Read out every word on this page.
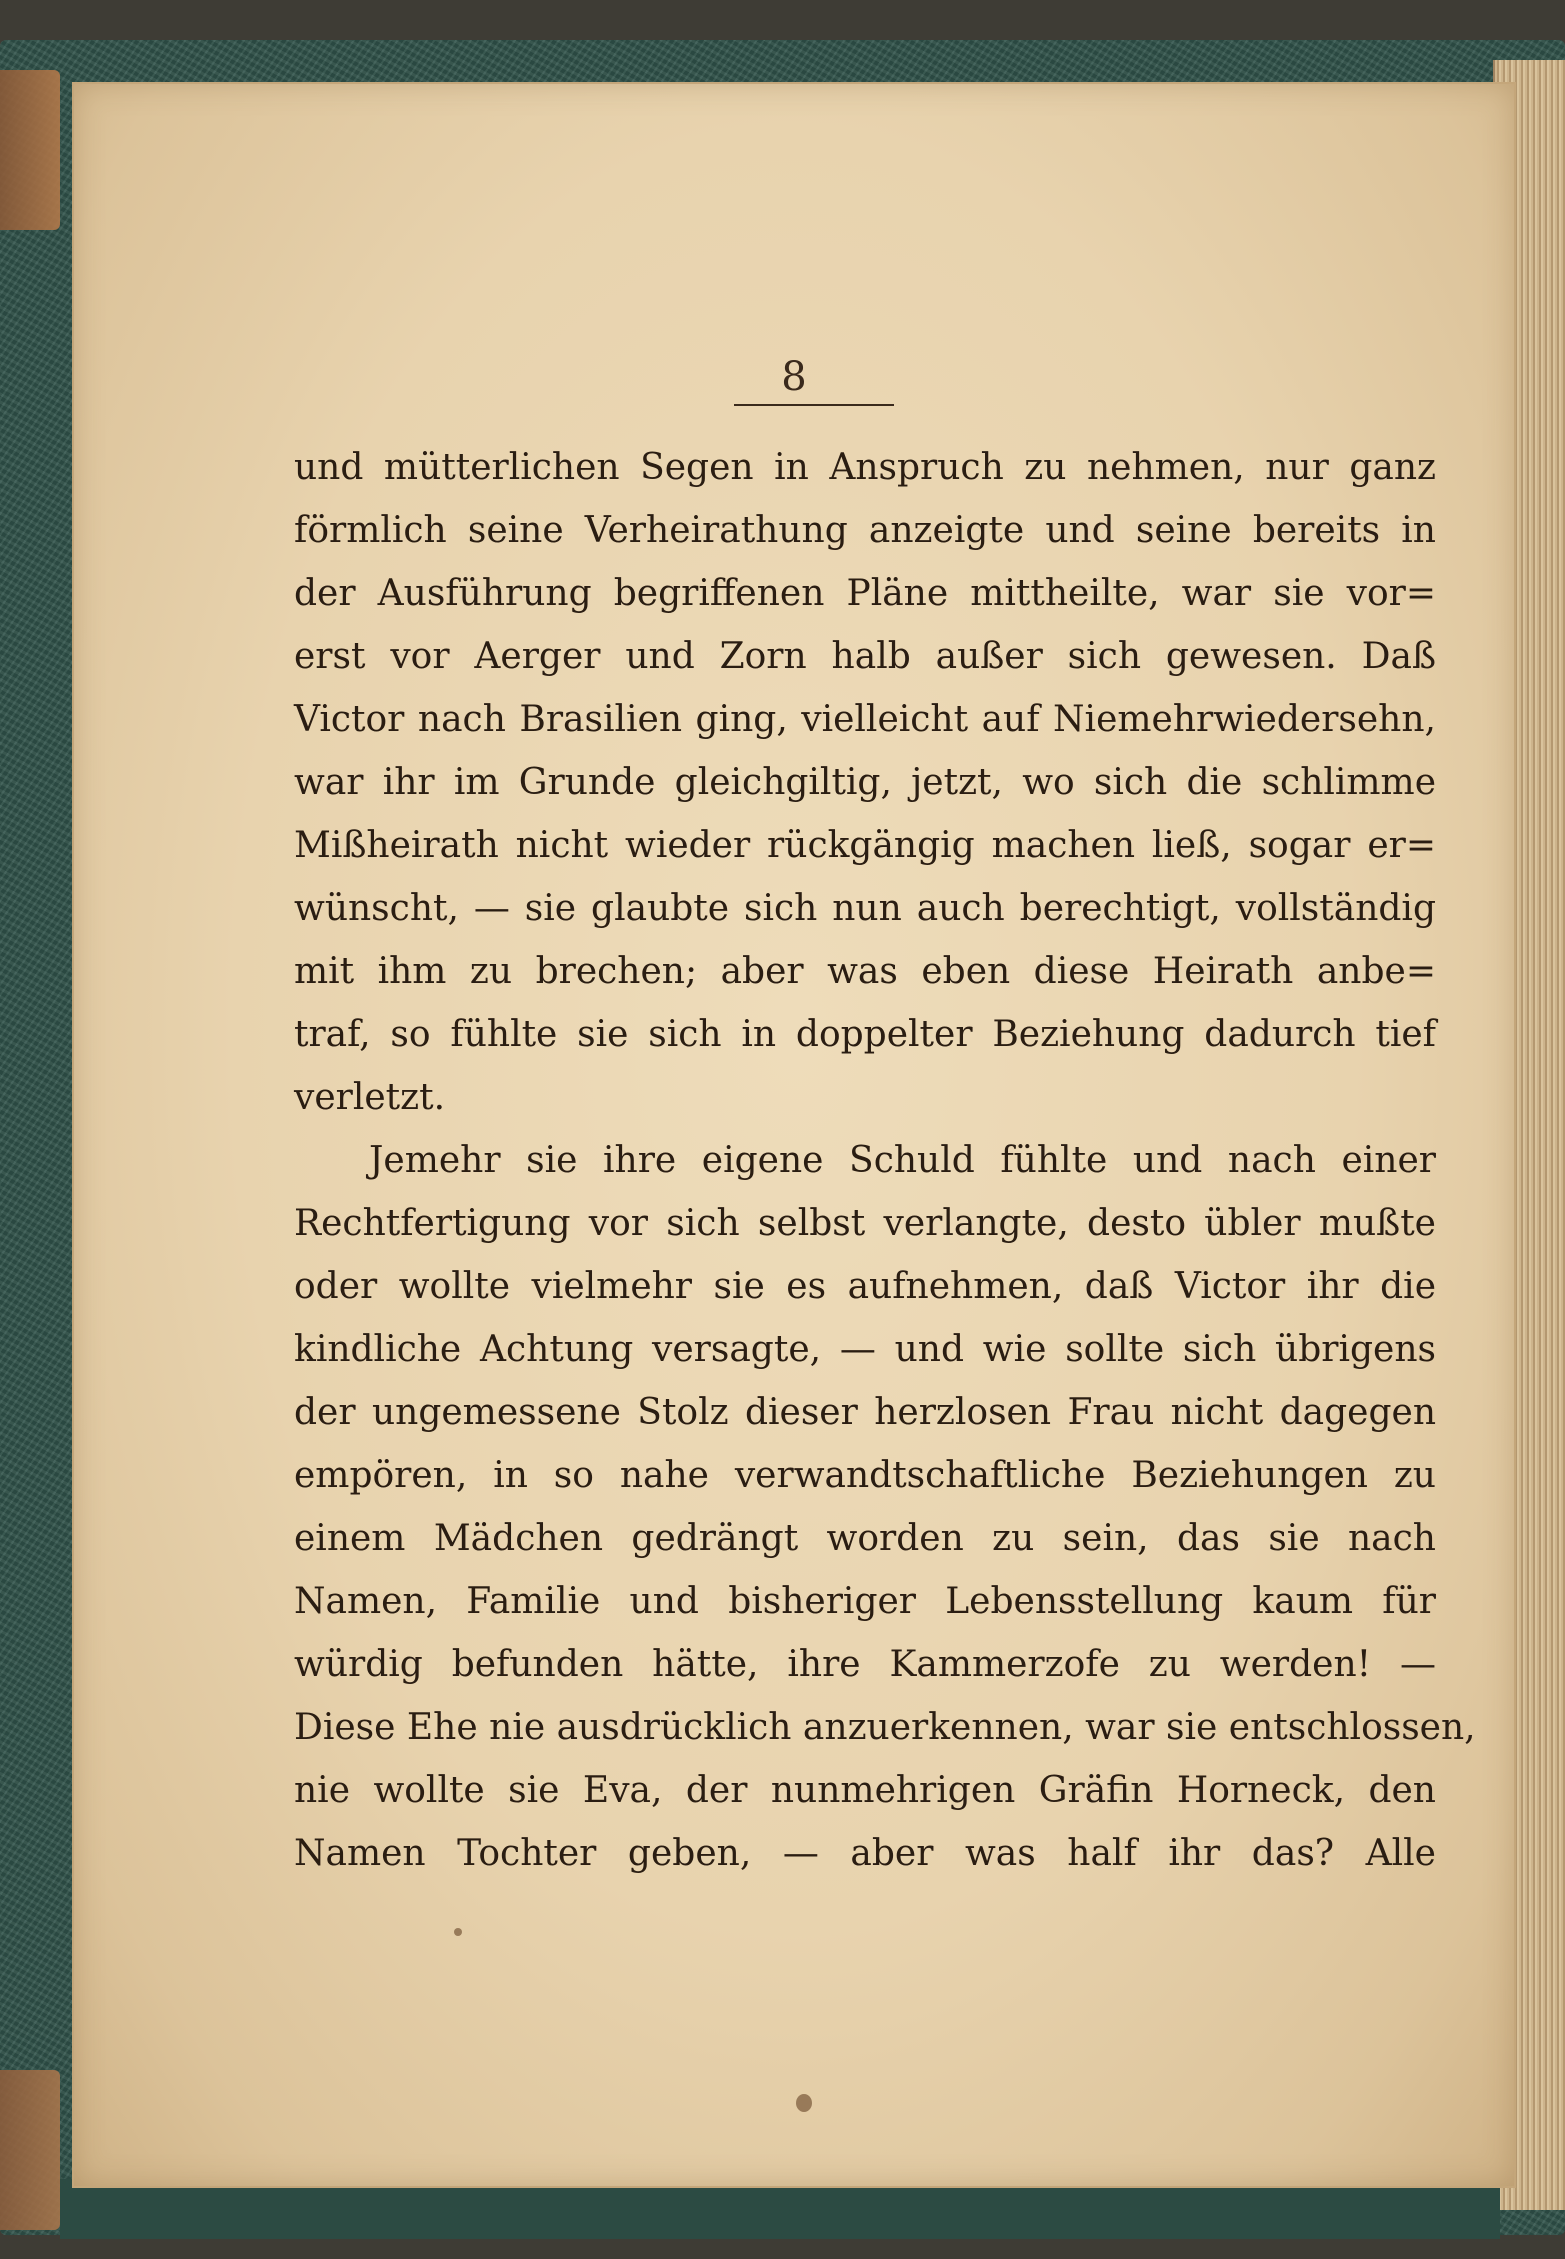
8
und mütterlichen Segen in Anspruch zu nehmen, nur ganz
förmlich seine Verheirathung anzeigte und seine bereits in
der Ausführung begriffenen Pläne mittheilte, war sie vor=
erst vor Aerger und Zorn halb außer sich gewesen. Daß
Victor nach Brasilien ging, vielleicht auf Niemehrwiedersehn,
war ihr im Grunde gleichgiltig, jetzt, wo sich die schlimme
Mißheirath nicht wieder rückgängig machen ließ, sogar er=
wünscht, — sie glaubte sich nun auch berechtigt, vollständig
mit ihm zu brechen; aber was eben diese Heirath anbe=
traf, so fühlte sie sich in doppelter Beziehung dadurch tief
verletzt.
Jemehr sie ihre eigene Schuld fühlte und nach einer
Rechtfertigung vor sich selbst verlangte, desto übler mußte
oder wollte vielmehr sie es aufnehmen, daß Victor ihr die
kindliche Achtung versagte, — und wie sollte sich übrigens
der ungemessene Stolz dieser herzlosen Frau nicht dagegen
empören, in so nahe verwandtschaftliche Beziehungen zu
einem Mädchen gedrängt worden zu sein, das sie nach
Namen, Familie und bisheriger Lebensstellung kaum für
würdig befunden hätte, ihre Kammerzofe zu werden! —
Diese Ehe nie ausdrücklich anzuerkennen, war sie entschlossen,
nie wollte sie Eva, der nunmehrigen Gräfin Horneck, den
Namen Tochter geben, — aber was half ihr das? Alle
